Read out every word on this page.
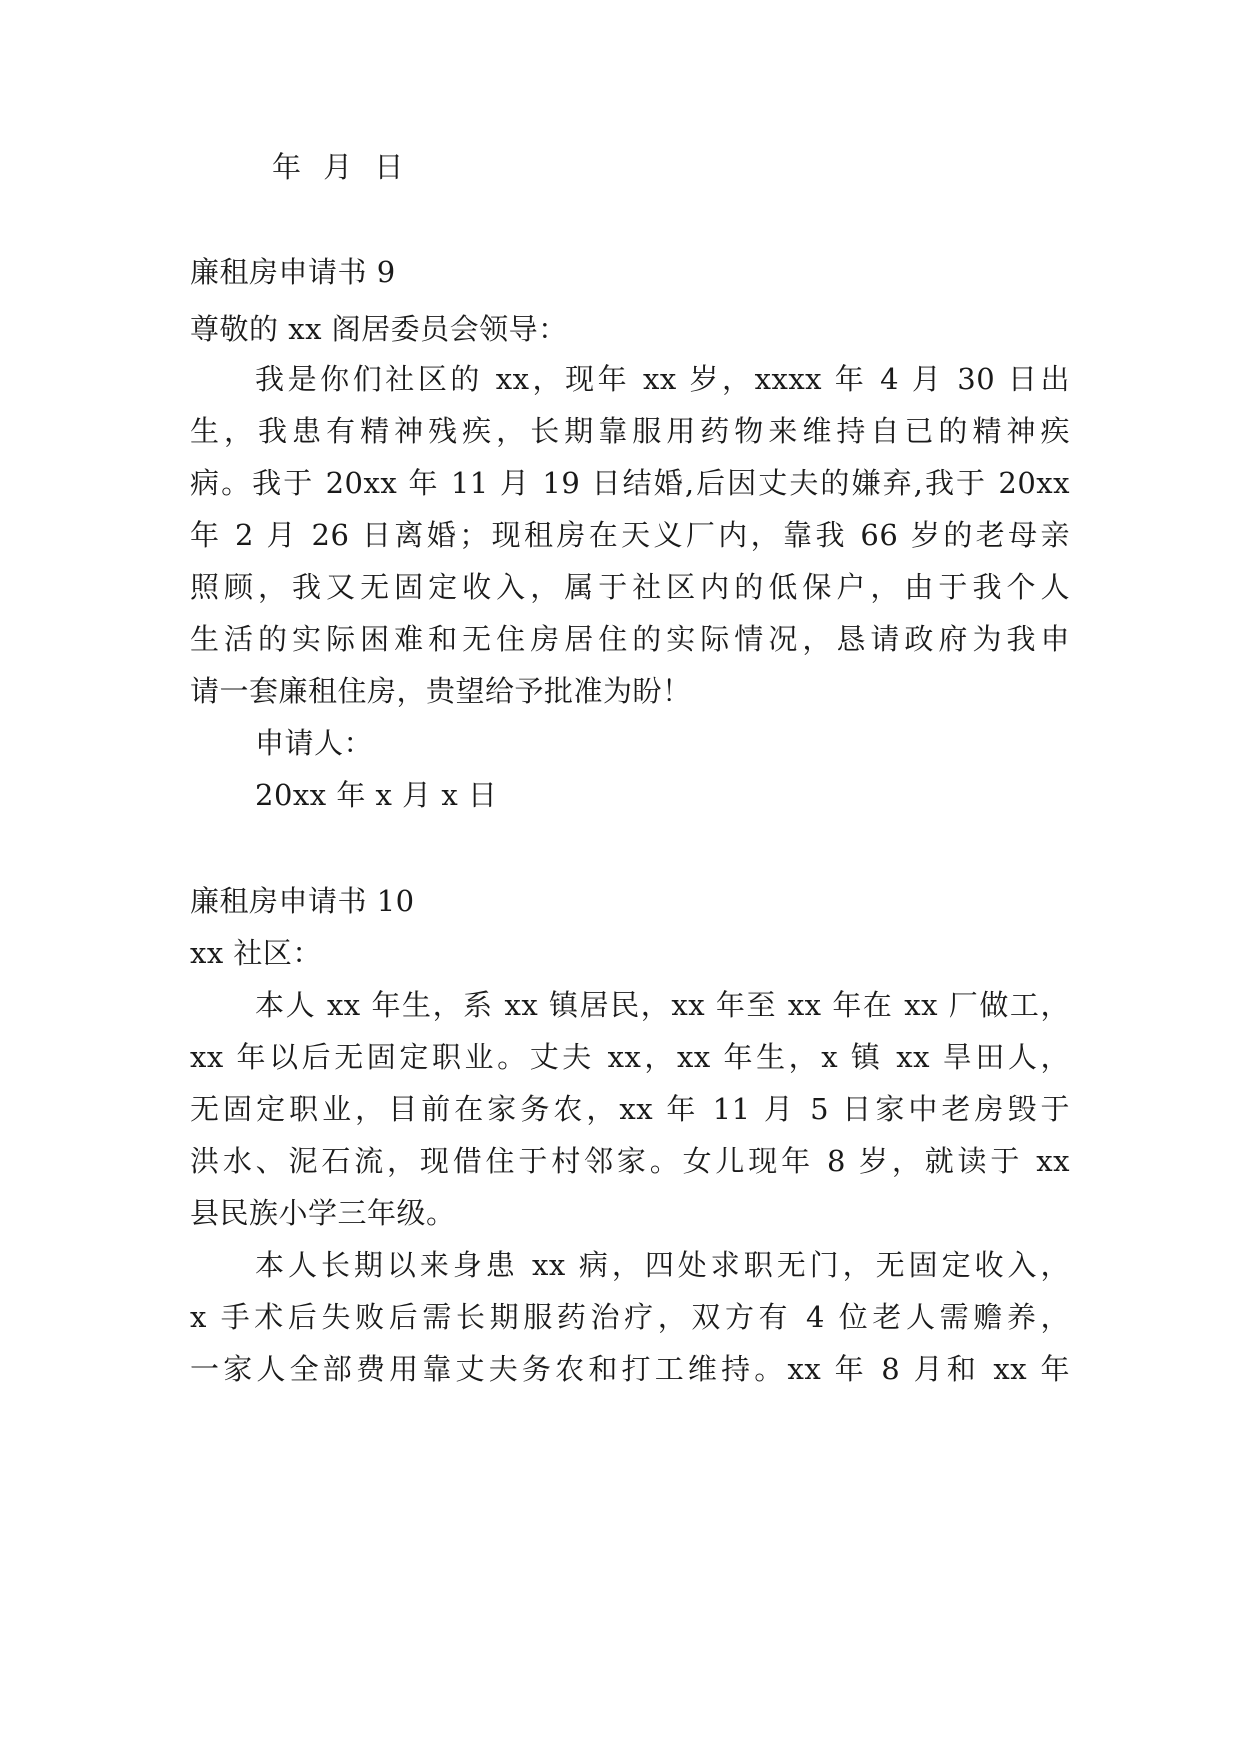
年 月 日
廉租房申请书 9
尊敬的 xx 阁居委员会领导：
我是你们社区的 xx，现年 xx 岁，xxxx 年 4 月 30 日出
生，我患有精神残疾，长期靠服用药物来维持自已的精神疾
病。我于 20xx 年 11 月 19 日结婚,后因丈夫的嫌弃,我于 20xx
年 2 月 26 日离婚；现租房在天义厂内，靠我 66 岁的老母亲
照顾，我又无固定收入，属于社区内的低保户，由于我个人
生活的实际困难和无住房居住的实际情况，恳请政府为我申
请一套廉租住房，贵望给予批准为盼！
申请人：
20xx 年 x 月 x 日
廉租房申请书 10
xx 社区：
本人 xx 年生，系 xx 镇居民，xx 年至 xx 年在 xx 厂做工，
xx 年以后无固定职业。丈夫 xx，xx 年生，x 镇 xx 旱田人，
无固定职业，目前在家务农，xx 年 11 月 5 日家中老房毁于
洪水、泥石流，现借住于村邻家。女儿现年 8 岁，就读于 xx
县民族小学三年级。
本人长期以来身患 xx 病，四处求职无门，无固定收入，
x 手术后失败后需长期服药治疗，双方有 4 位老人需赡养，
一家人全部费用靠丈夫务农和打工维持。xx 年 8 月和 xx 年
